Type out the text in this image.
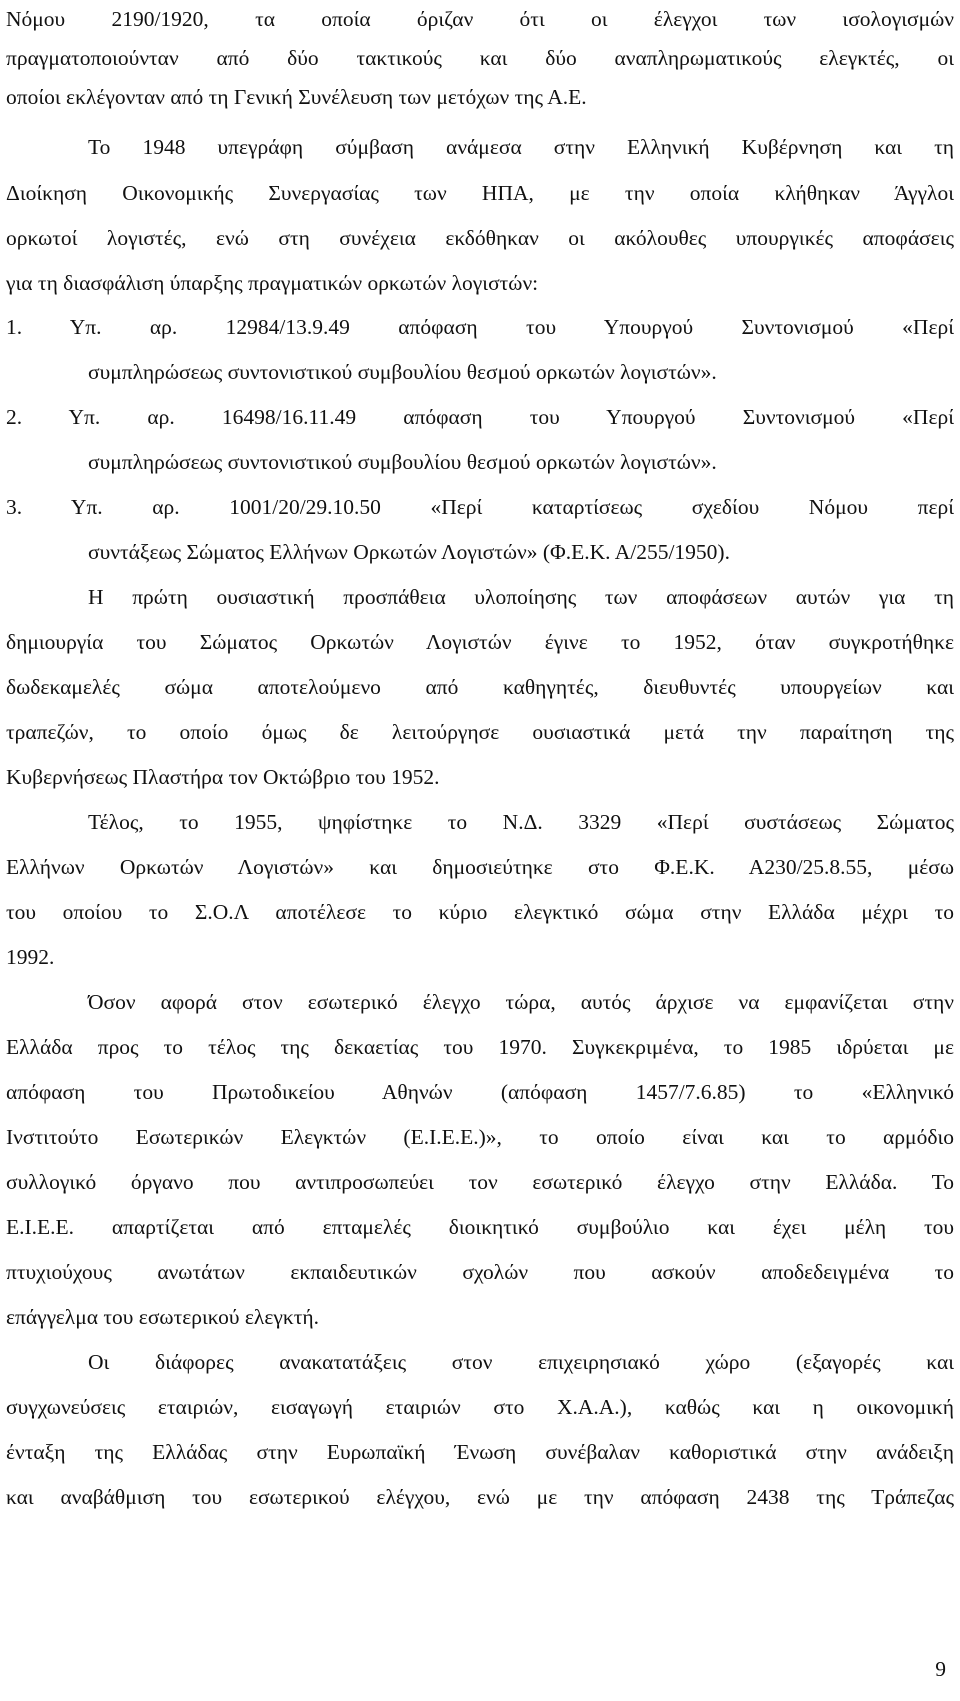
Νόμου 2190/1920, τα οποία όριζαν ότι οι έλεγχοι των ισολογισμών
πραγματοποιούνταν από δύο τακτικούς και δύο αναπληρωματικούς ελεγκτές, οι
οποίοι εκλέγονταν από τη Γενική Συνέλευση των μετόχων της Α.Ε.
Το 1948 υπεγράφη σύμβαση ανάμεσα στην Ελληνική Κυβέρνηση και τη
Διοίκηση Οικονομικής Συνεργασίας των ΗΠΑ, με την οποία κλήθηκαν Άγγλοι
ορκωτοί λογιστές, ενώ στη συνέχεια εκδόθηκαν οι ακόλουθες υπουργικές αποφάσεις
για τη διασφάλιση ύπαρξης πραγματικών ορκωτών λογιστών:
1. Υπ. αρ. 12984/13.9.49 απόφαση του Υπουργού Συντονισμού «Περί
συμπληρώσεως συντονιστικού συμβουλίου θεσμού ορκωτών λογιστών».
2. Υπ. αρ. 16498/16.11.49 απόφαση του Υπουργού Συντονισμού «Περί
συμπληρώσεως συντονιστικού συμβουλίου θεσμού ορκωτών λογιστών».
3. Υπ. αρ. 1001/20/29.10.50 «Περί καταρτίσεως σχεδίου Νόμου περί
συντάξεως Σώματος Ελλήνων Ορκωτών Λογιστών» (Φ.Ε.Κ. Α/255/1950).
Η πρώτη ουσιαστική προσπάθεια υλοποίησης των αποφάσεων αυτών για τη
δημιουργία του Σώματος Ορκωτών Λογιστών έγινε το 1952, όταν συγκροτήθηκε
δωδεκαμελές σώμα αποτελούμενο από καθηγητές, διευθυντές υπουργείων και
τραπεζών, το οποίο όμως δε λειτούργησε ουσιαστικά μετά την παραίτηση της
Κυβερνήσεως Πλαστήρα τον Οκτώβριο του 1952.
Τέλος, το 1955, ψηφίστηκε το Ν.Δ. 3329 «Περί συστάσεως Σώματος
Ελλήνων Ορκωτών Λογιστών» και δημοσιεύτηκε στο Φ.Ε.Κ. Α230/25.8.55, μέσω
του οποίου το Σ.Ο.Λ αποτέλεσε το κύριο ελεγκτικό σώμα στην Ελλάδα μέχρι το
1992.
Όσον αφορά στον εσωτερικό έλεγχο τώρα, αυτός άρχισε να εμφανίζεται στην
Ελλάδα προς το τέλος της δεκαετίας του 1970. Συγκεκριμένα, το 1985 ιδρύεται με
απόφαση του Πρωτοδικείου Αθηνών (απόφαση 1457/7.6.85) το «Ελληνικό
Ινστιτούτο Εσωτερικών Ελεγκτών (Ε.Ι.Ε.Ε.)», το οποίο είναι και το αρμόδιο
συλλογικό όργανο που αντιπροσωπεύει τον εσωτερικό έλεγχο στην Ελλάδα. Το
Ε.Ι.Ε.Ε. απαρτίζεται από επταμελές διοικητικό συμβούλιο και έχει μέλη του
πτυχιούχους ανωτάτων εκπαιδευτικών σχολών που ασκούν αποδεδειγμένα το
επάγγελμα του εσωτερικού ελεγκτή.
Οι διάφορες ανακατατάξεις στον επιχειρησιακό χώρο (εξαγορές και
συγχωνεύσεις εταιριών, εισαγωγή εταιριών στο Χ.Α.Α.), καθώς και η οικονομική
ένταξη της Ελλάδας στην Ευρωπαϊκή Ένωση συνέβαλαν καθοριστικά στην ανάδειξη
και αναβάθμιση του εσωτερικού ελέγχου, ενώ με την απόφαση 2438 της Τράπεζας
9
